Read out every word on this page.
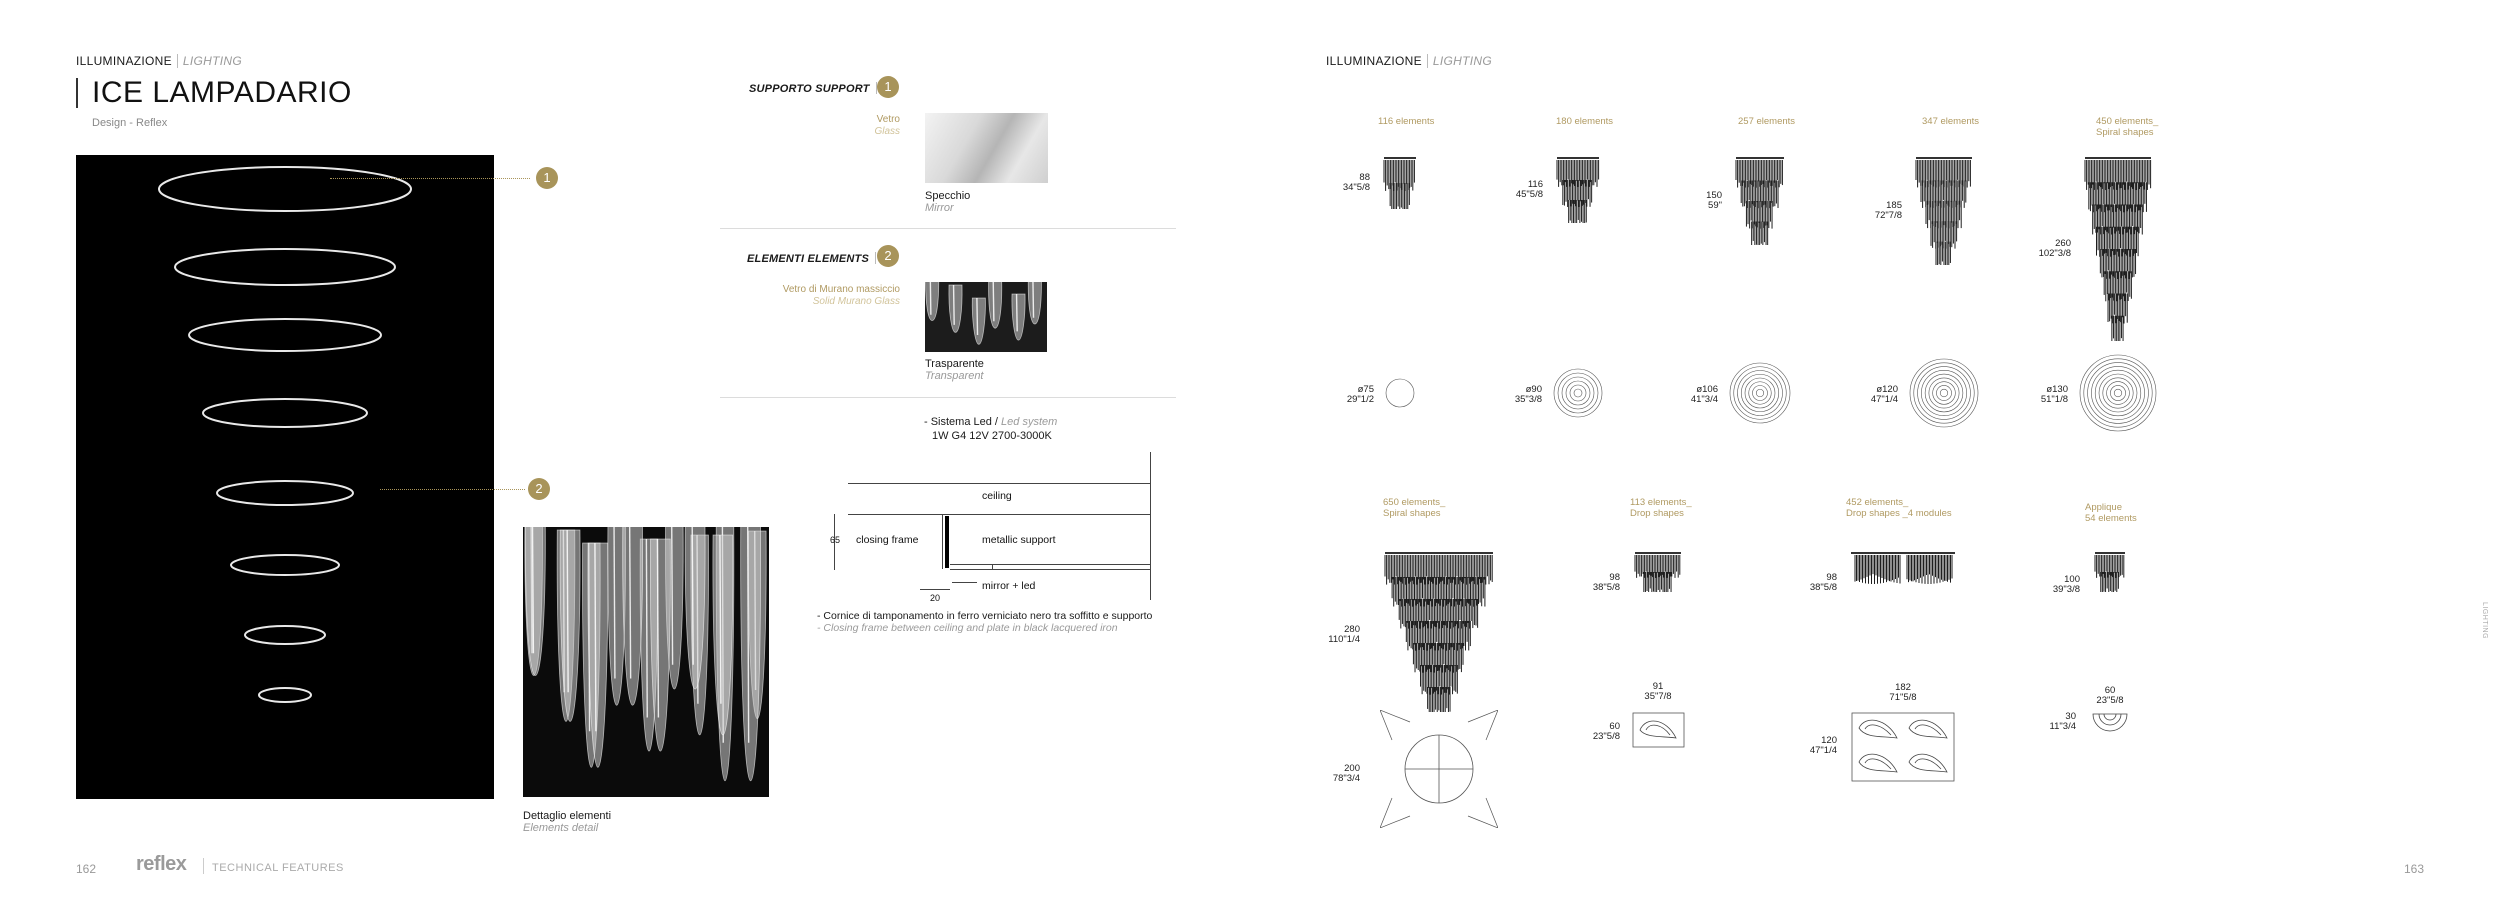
ILLUMINAZIONE LIGHTING
ICE LAMPADARIO
Design - Reflex
1
2
Dettaglio elementi
Elements detail
SUPPORTO SUPPORT	1
Vetro
Glass
Specchio
Mirror
ELEMENTI ELEMENTS	2
Vetro di Murano massiccio
Solid Murano Glass
Trasparente
Transparent
- Sistema Led / Led system
1W G4 12V 2700-3000K
ceiling
closing frame	metallic support
65
mirror + led
20
- Cornice di tamponamento in ferro verniciato nero tra soffitto e supporto
- Closing frame between ceiling and plate in black lacquered iron
162 reflex TECHNICAL FEATURES
ILLUMINAZIONE LIGHTING
116 elements
88
34"5/8
ø75
29"1/2
180 elements
116
45"5/8
ø90
35"3/8
257 elements
150
59"
ø106
41"3/4
347 elements
185
72"7/8
ø120
47"1/4
450 elements_
Spiral shapes
260
102"3/8
ø130
51"1/8
650 elements_
Spiral shapes
280
110"1/4
200
78"3/4
113 elements_
Drop shapes
98
38"5/8
91
35"7/8
60
23"5/8
452 elements_
Drop shapes _4 modules
98
38"5/8
182
71"5/8
120
47"1/4
Applique
54 elements
100
39"3/8
60
23"5/8
30
11"3/4
LIGHTING
163
